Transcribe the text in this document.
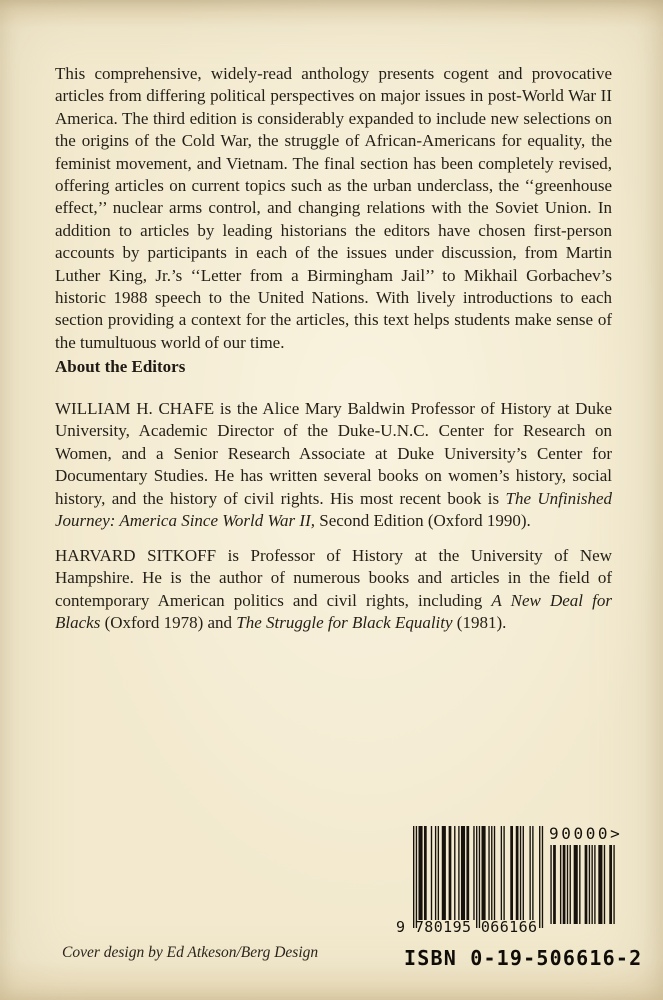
This comprehensive, widely-read anthology presents cogent and provocative articles from differing political perspectives on major issues in post-World War II America. The third edition is considerably expanded to include new selections on the origins of the Cold War, the struggle of African-Americans for equality, the feminist movement, and Vietnam. The final section has been completely revised, offering articles on current topics such as the urban underclass, the ‘‘greenhouse effect,’’ nuclear arms control, and changing relations with the Soviet Union. In addition to articles by leading historians the editors have chosen first-person accounts by participants in each of the issues under discussion, from Martin Luther King, Jr.’s ‘‘Letter from a Birmingham Jail’’ to Mikhail Gorbachev’s historic 1988 speech to the United Nations. With lively introductions to each section providing a context for the articles, this text helps students make sense of the tumultuous world of our time.

About the Editors

WILLIAM H. CHAFE is the Alice Mary Baldwin Professor of History at Duke University, Academic Director of the Duke-U.N.C. Center for Research on Women, and a Senior Research Associate at Duke University’s Center for Documentary Studies. He has written several books on women’s history, social history, and the history of civil rights. His most recent book is The Unfinished Journey: America Since World War II, Second Edition (Oxford 1990).

HARVARD SITKOFF is Professor of History at the University of New Hampshire. He is the author of numerous books and articles in the field of contemporary American politics and civil rights, including A New Deal for Blacks (Oxford 1978) and The Struggle for Black Equality (1981).

Cover design by Ed Atkeson/Berg Design
9 780195 066166
90000>
ISBN 0-19-506616-2
